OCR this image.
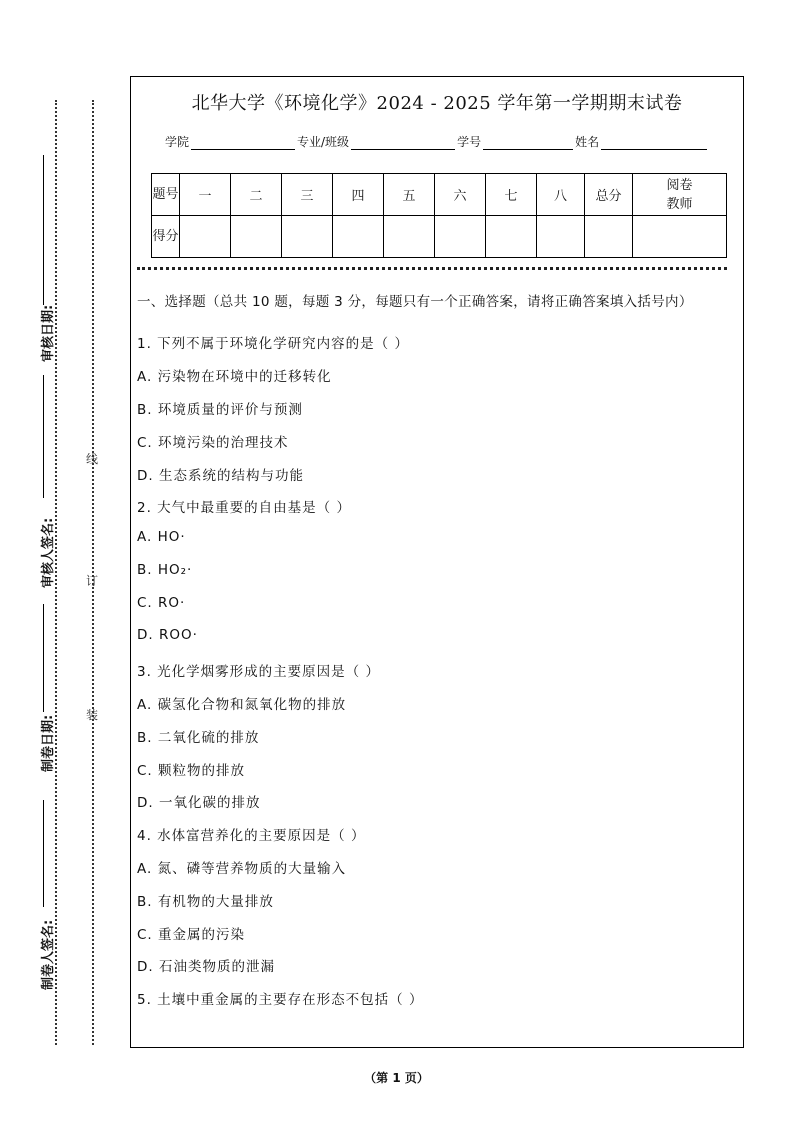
审核日期:
审核人签名:
制卷日期:
制卷人签名:
线
订
装
北华大学《环境化学》2024 - 2025 学年第一学期期末试卷
学院	专业/班级	学号	姓名
题号	一	二	三	四	五	六	七	八	总分	阅卷教师
得分										
一、选择题（总共 10 题，每题 3 分，每题只有一个正确答案，请将正确答案填入括号内）
1. 下列不属于环境化学研究内容的是（ ）
A. 污染物在环境中的迁移转化
B. 环境质量的评价与预测
C. 环境污染的治理技术
D. 生态系统的结构与功能
2. 大气中最重要的自由基是（ ）
A. HO·
B. HO₂·
C. RO·
D. ROO·
3. 光化学烟雾形成的主要原因是（ ）
A. 碳氢化合物和氮氧化物的排放
B. 二氧化硫的排放
C. 颗粒物的排放
D. 一氧化碳的排放
4. 水体富营养化的主要原因是（ ）
A. 氮、磷等营养物质的大量输入
B. 有机物的大量排放
C. 重金属的污染
D. 石油类物质的泄漏
5. 土壤中重金属的主要存在形态不包括（ ）
（第 1 页）
